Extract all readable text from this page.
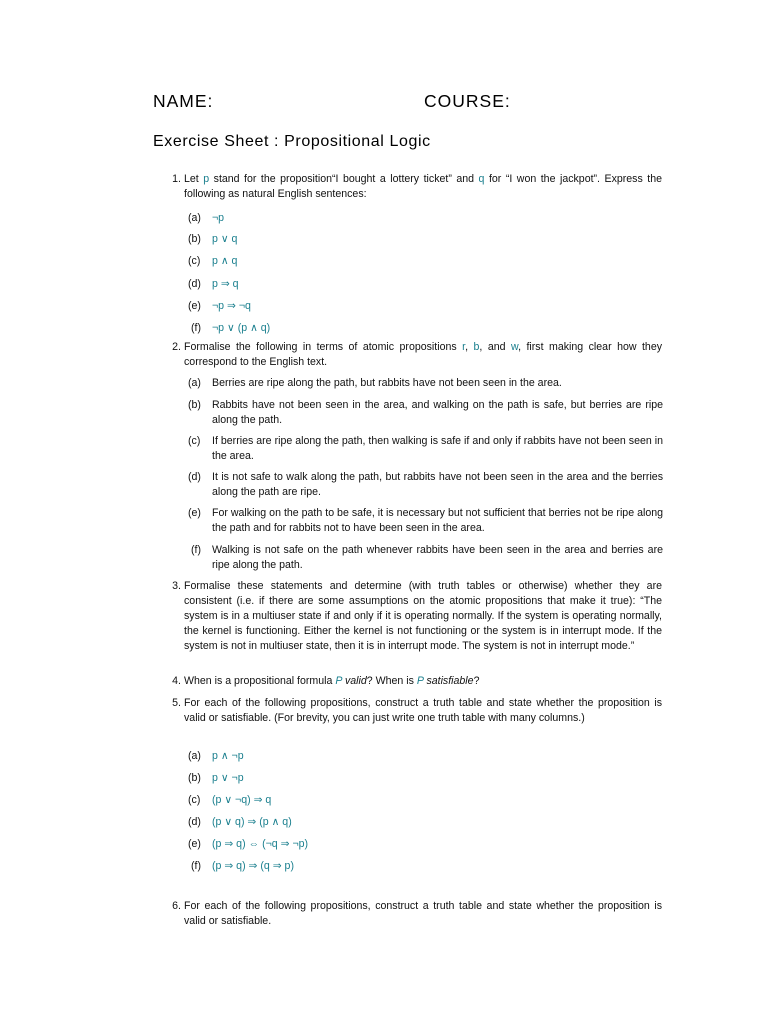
NAME:	COURSE:
Exercise Sheet : Propositional Logic
1. Let p stand for the proposition“I bought a lottery ticket” and q for “I won the jackpot”. Express the following as natural English sentences:
(a) ¬p
(b) p ∨ q
(c) p ∧ q
(d) p ⇒ q
(e) ¬p ⇒ ¬q
(f) ¬p ∨ (p ∧ q)
2. Formalise the following in terms of atomic propositions r, b, and w, first making clear how they correspond to the English text.
(a) Berries are ripe along the path, but rabbits have not been seen in the area.
(b) Rabbits have not been seen in the area, and walking on the path is safe, but berries are ripe along the path.
(c) If berries are ripe along the path, then walking is safe if and only if rabbits have not been seen in the area.
(d) It is not safe to walk along the path, but rabbits have not been seen in the area and the berries along the path are ripe.
(e) For walking on the path to be safe, it is necessary but not sufficient that berries not be ripe along the path and for rabbits not to have been seen in the area.
(f) Walking is not safe on the path whenever rabbits have been seen in the area and berries are ripe along the path.
3. Formalise these statements and determine (with truth tables or otherwise) whether they are consistent (i.e. if there are some assumptions on the atomic propositions that make it true): “The system is in a multiuser state if and only if it is operating normally. If the system is operating normally, the kernel is functioning. Either the kernel is not functioning or the system is in interrupt mode. If the system is not in multiuser state, then it is in interrupt mode. The system is not in interrupt mode.”
4. When is a propositional formula P valid? When is P satisfiable?
5. For each of the following propositions, construct a truth table and state whether the proposition is valid or satisfiable. (For brevity, you can just write one truth table with many columns.)
(a) p ∧ ¬p
(b) p ∨ ¬p
(c) (p ∨ ¬q) ⇒ q
(d) (p ∨ q) ⇒ (p ∧ q)
(e) (p ⇒ q) ⇔ (¬q ⇒ ¬p)
(f) (p ⇒ q) ⇒ (q ⇒ p)
6. For each of the following propositions, construct a truth table and state whether the proposition is valid or satisfiable.
